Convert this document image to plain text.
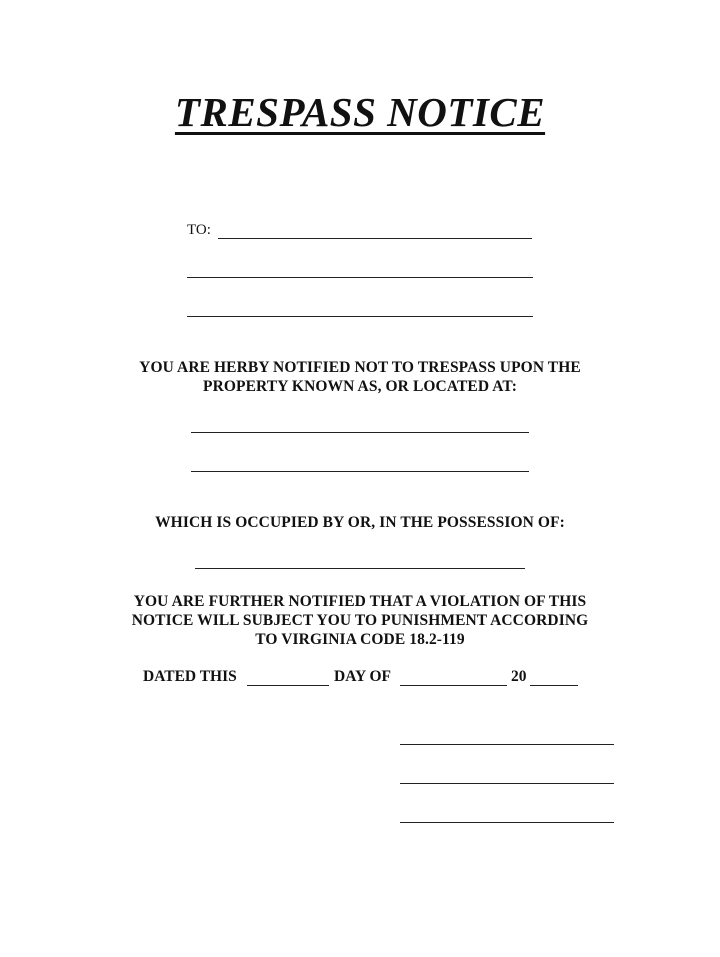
TRESPASS NOTICE
TO:
YOU ARE HERBY NOTIFIED NOT TO TRESPASS UPON THE
PROPERTY KNOWN AS, OR LOCATED AT:
WHICH IS OCCUPIED BY OR, IN THE POSSESSION OF:
YOU ARE FURTHER NOTIFIED THAT A VIOLATION OF THIS
NOTICE WILL SUBJECT YOU TO PUNISHMENT ACCORDING
TO VIRGINIA CODE 18.2-119
DATED THIS	DAY OF	20
